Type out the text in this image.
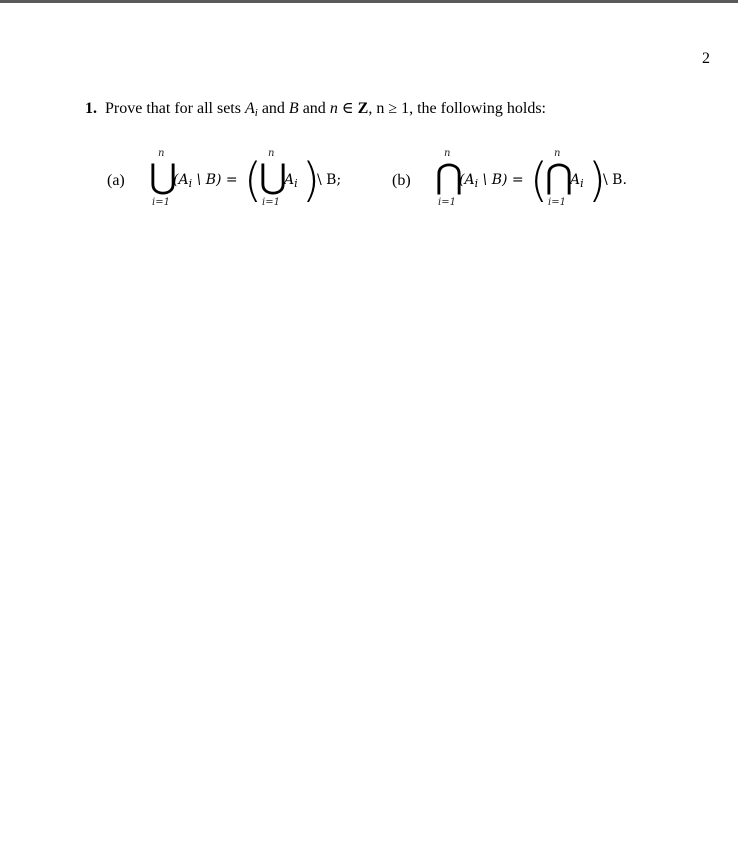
2
1. Prove that for all sets $A_i$ and B and n ∈ Z, n ≥ 1, the following holds:
(a)
n
⋃
i=1
($A_i$ \ B) = ( n
⋃
i=1
$A_i$ )
\ B;	(b)
n
⋂
i=1
($A_i$ \ B) = ( n
⋂
i=1
$A_i$ )
\ B.
